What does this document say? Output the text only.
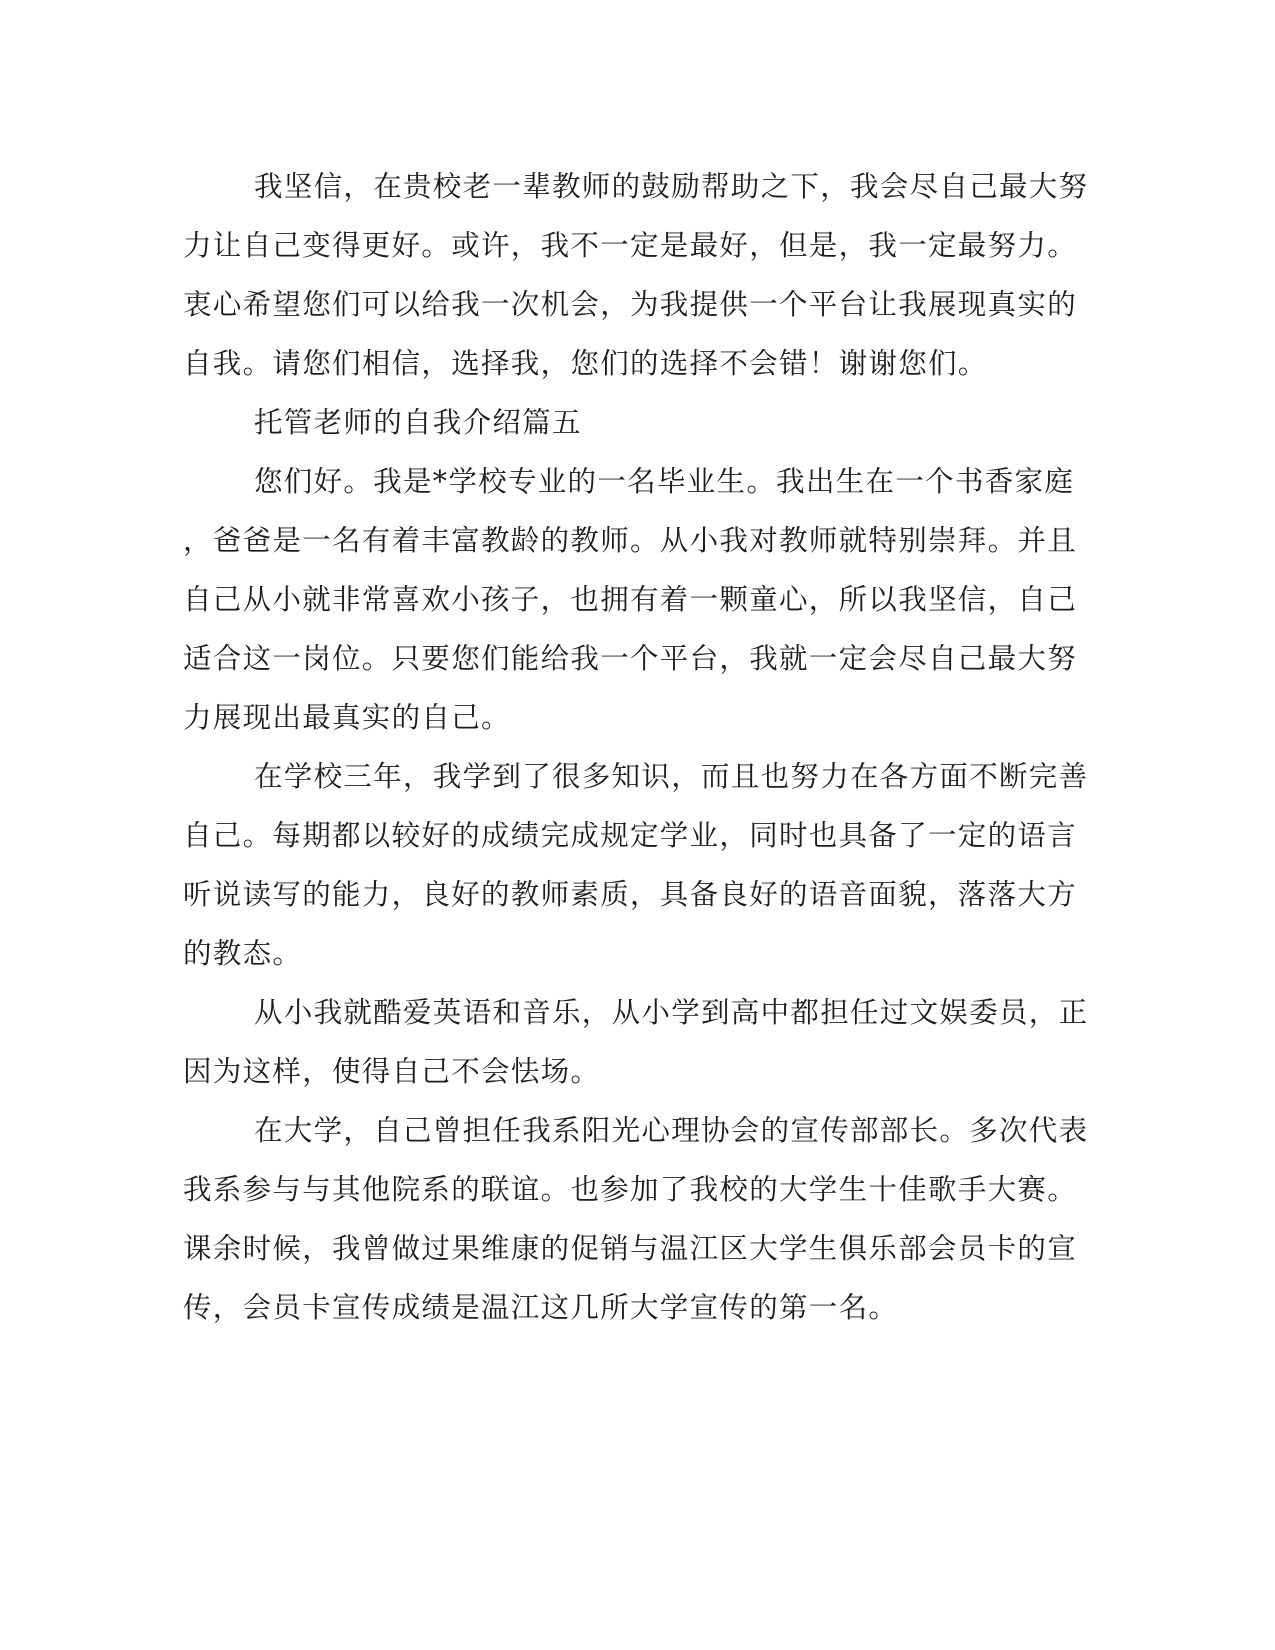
我坚信，在贵校老一辈教师的鼓励帮助之下，我会尽自己最大努
力让自己变得更好。或许，我不一定是最好，但是，我一定最努力。
衷心希望您们可以给我一次机会，为我提供一个平台让我展现真实的
自我。请您们相信，选择我，您们的选择不会错！谢谢您们。

托管老师的自我介绍篇五

您们好。我是*学校专业的一名毕业生。我出生在一个书香家庭
，爸爸是一名有着丰富教龄的教师。从小我对教师就特别崇拜。并且
自己从小就非常喜欢小孩子，也拥有着一颗童心，所以我坚信，自己
适合这一岗位。只要您们能给我一个平台，我就一定会尽自己最大努
力展现出最真实的自己。

在学校三年，我学到了很多知识，而且也努力在各方面不断完善
自己。每期都以较好的成绩完成规定学业，同时也具备了一定的语言
听说读写的能力，良好的教师素质，具备良好的语音面貌，落落大方
的教态。

从小我就酷爱英语和音乐，从小学到高中都担任过文娱委员，正
因为这样，使得自己不会怯场。

在大学，自己曾担任我系阳光心理协会的宣传部部长。多次代表
我系参与与其他院系的联谊。也参加了我校的大学生十佳歌手大赛。
课余时候，我曾做过果维康的促销与温江区大学生俱乐部会员卡的宣
传，会员卡宣传成绩是温江这几所大学宣传的第一名。
